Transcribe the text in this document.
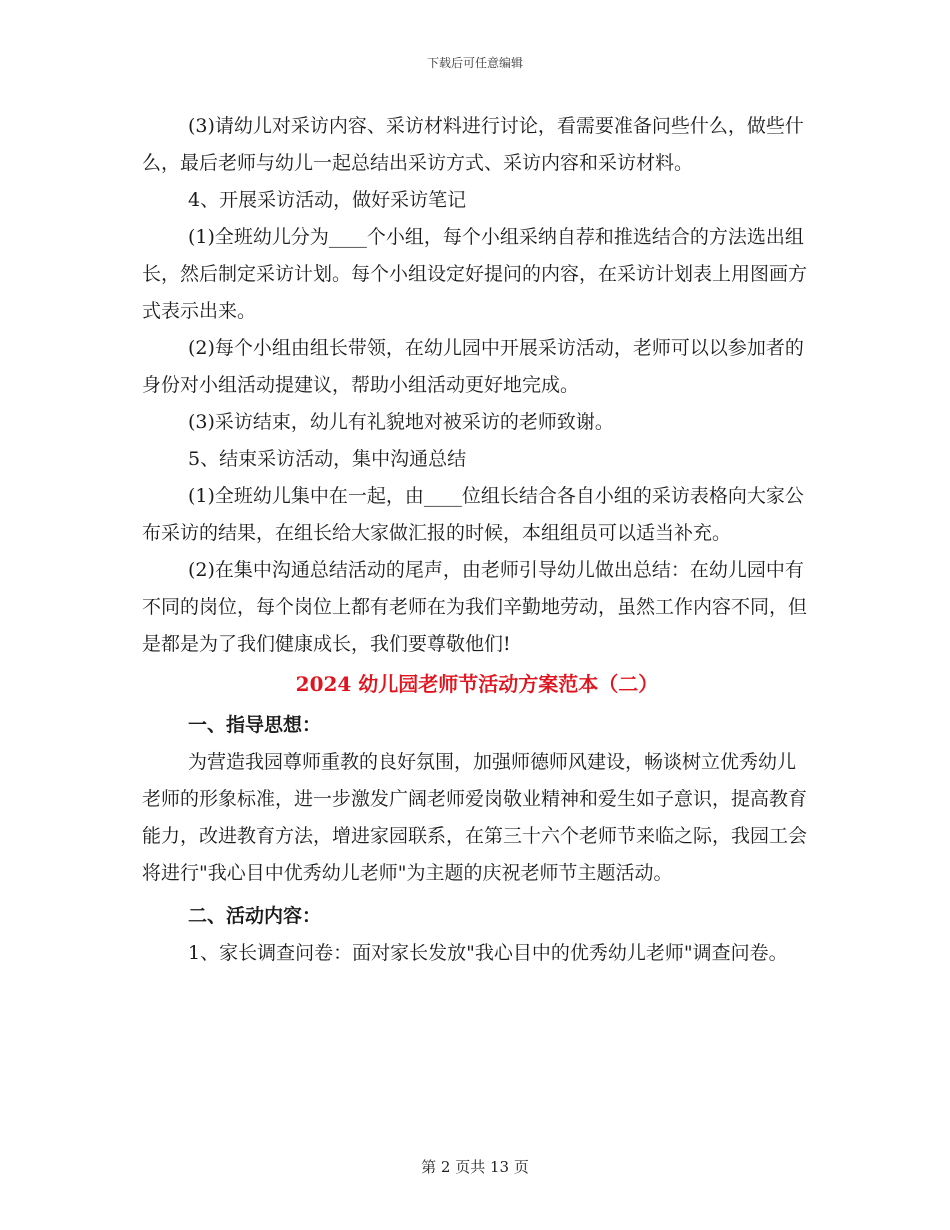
下载后可任意编辑

(3)请幼儿对采访内容、采访材料进行讨论，看需要准备问些什么，做些什么，最后老师与幼儿一起总结出采访方式、采访内容和采访材料。

4、开展采访活动，做好采访笔记

(1)全班幼儿分为____个小组，每个小组采纳自荐和推选结合的方法选出组长，然后制定采访计划。每个小组设定好提问的内容，在采访计划表上用图画方式表示出来。

(2)每个小组由组长带领，在幼儿园中开展采访活动，老师可以以参加者的身份对小组活动提建议，帮助小组活动更好地完成。

(3)采访结束，幼儿有礼貌地对被采访的老师致谢。

5、结束采访活动，集中沟通总结

(1)全班幼儿集中在一起，由____位组长结合各自小组的采访表格向大家公布采访的结果，在组长给大家做汇报的时候，本组组员可以适当补充。

(2)在集中沟通总结活动的尾声，由老师引导幼儿做出总结：在幼儿园中有不同的岗位，每个岗位上都有老师在为我们辛勤地劳动，虽然工作内容不同，但是都是为了我们健康成长，我们要尊敬他们!

2024 幼儿园老师节活动方案范本（二）

一、指导思想：

为营造我园尊师重教的良好氛围，加强师德师风建设，畅谈树立优秀幼儿老师的形象标准，进一步激发广阔老师爱岗敬业精神和爱生如子意识，提高教育能力，改进教育方法，增进家园联系，在第三十六个老师节来临之际，我园工会将进行"我心目中优秀幼儿老师"为主题的庆祝老师节主题活动。

二、活动内容：

1、家长调查问卷：面对家长发放"我心目中的优秀幼儿老师"调查问卷。

第 2 页共 13 页
